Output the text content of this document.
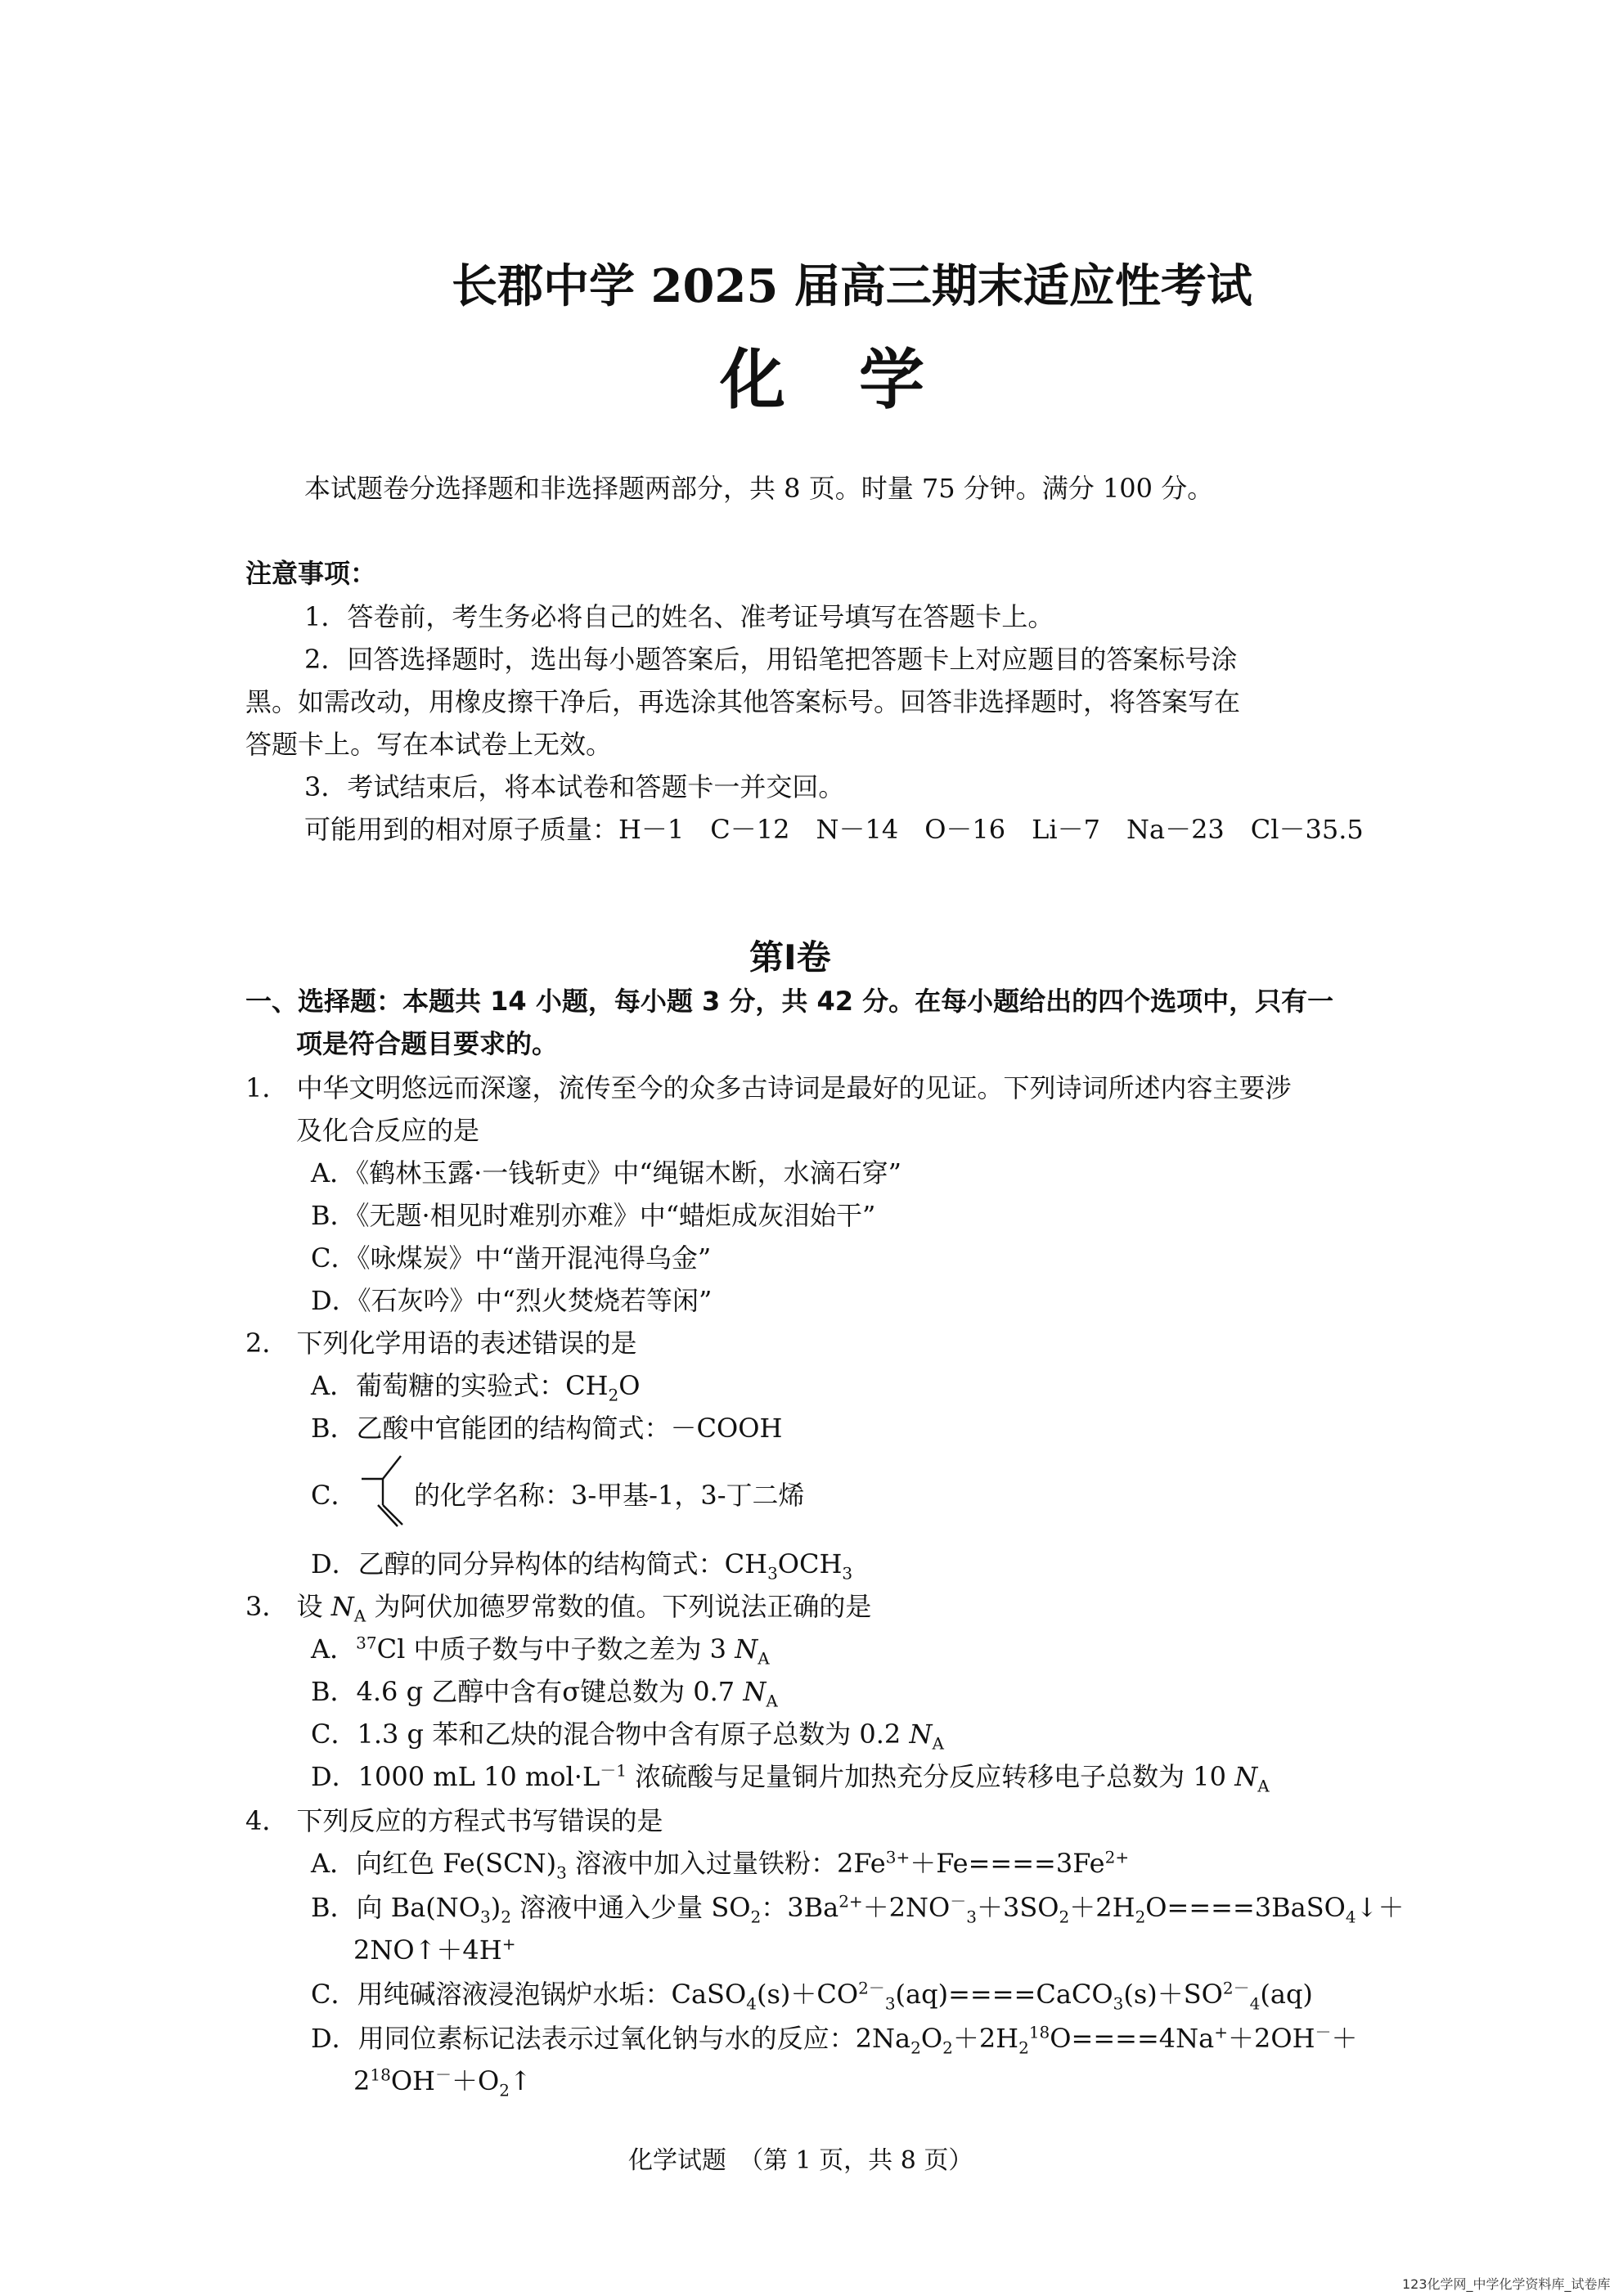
长郡中学 2025 届高三期末适应性考试
化学
本试题卷分选择题和非选择题两部分，共 8 页。时量 75 分钟。满分 100 分。
注意事项：
1．答卷前，考生务必将自己的姓名、准考证号填写在答题卡上。
2．回答选择题时，选出每小题答案后，用铅笔把答题卡上对应题目的答案标号涂
黑。如需改动，用橡皮擦干净后，再选涂其他答案标号。回答非选择题时，将答案写在
答题卡上。写在本试卷上无效。
3．考试结束后，将本试卷和答题卡一并交回。
可能用到的相对原子质量：H－1　C－12　N－14　O－16　Li－7　Na－23　Cl－35.5
第Ⅰ卷
一、选择题：本题共 14 小题，每小题 3 分，共 42 分。在每小题给出的四个选项中，只有一
项是符合题目要求的。
1． 中华文明悠远而深邃，流传至今的众多古诗词是最好的见证。下列诗词所述内容主要涉
及化合反应的是
A．《鹤林玉露·一钱斩吏》中“绳锯木断，水滴石穿”
B．《无题·相见时难别亦难》中“蜡炬成灰泪始干”
C．《咏煤炭》中“凿开混沌得乌金”
D．《石灰吟》中“烈火焚烧若等闲”
2． 下列化学用语的表述错误的是
A．葡萄糖的实验式：$CH_2O$
B．乙酸中官能团的结构简式：－COOH
C． 的化学名称：3-甲基-1，3-丁二烯
D．乙醇的同分异构体的结构简式：$CH_3OCH_3$
3． 设 $N_A$ 为阿伏加德罗常数的值。下列说法正确的是
A．$^{37}$Cl 中质子数与中子数之差为 3 $N_A$
B．4.6 g 乙醇中含有σ键总数为 0.7 $N_A$
C．1.3 g 苯和乙炔的混合物中含有原子总数为 0.2 $N_A$
D．1000 mL 10 $mol\cdot L^{-1}$ 浓硫酸与足量铜片加热充分反应转移电子总数为 10 $N_A$
4． 下列反应的方程式书写错误的是
A．向红色 $Fe(SCN)_3$ 溶液中加入过量铁粉：$2Fe^{3+}+Fe====3Fe^{2+}$
B．向 $Ba(NO_3)_2$ 溶液中通入少量 $SO_2$：$3Ba^{2+}+2NO^-_3+3SO_2+2H_2O====3BaSO_4↓+$
2NO↑＋4H+
C．用纯碱溶液浸泡锅炉水垢：$CaSO_4(s)+CO^{2-}_3(aq)====CaCO_3(s)+SO^{2-}_4(aq)$
D．用同位素标记法表示过氧化钠与水的反应：$2Na_2O_2+2H_2^{18}O====4Na^++2OH^-+$
$2^{18}OH^-+O_2↑$
化学试题　（第 1 页，共 8 页）
123化学网_中学化学资料库_试卷库
